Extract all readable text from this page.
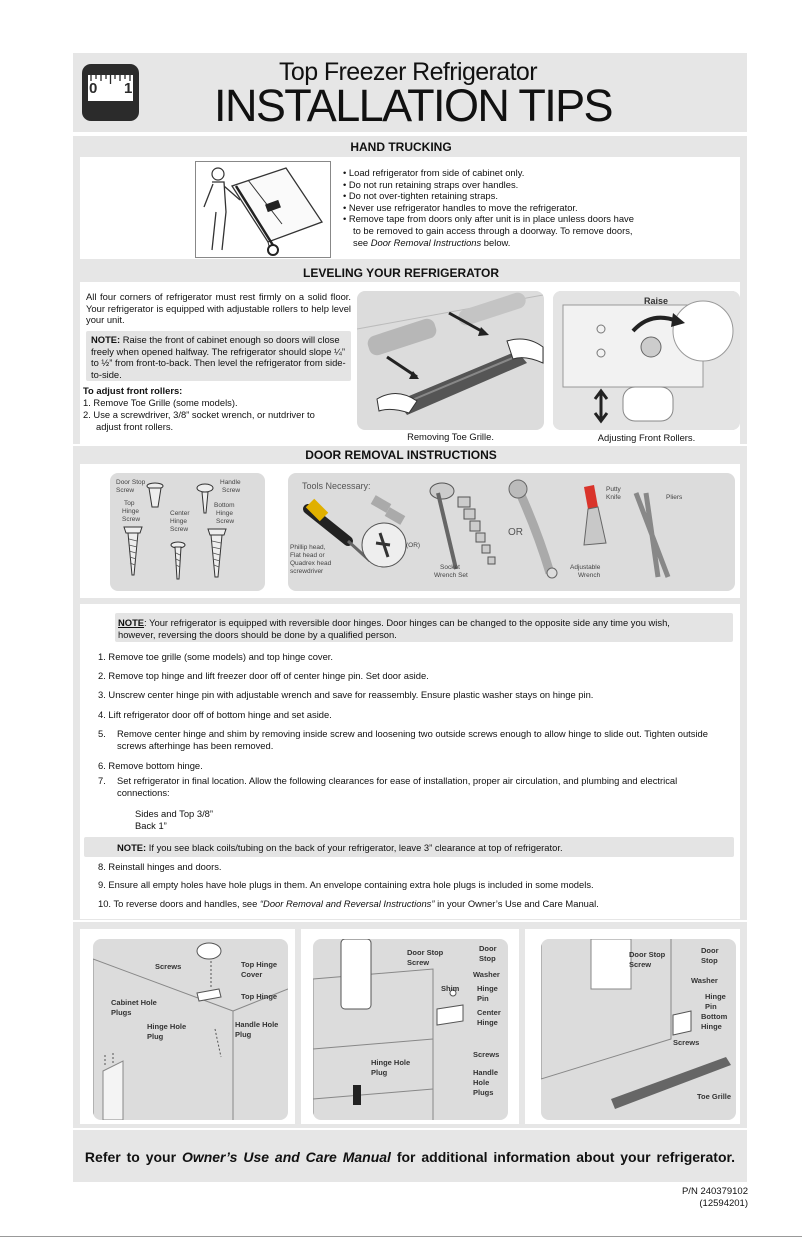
0 1
Top Freezer Refrigerator
INSTALLATION TIPS
HAND TRUCKING
• Load refrigerator from side of cabinet only.
• Do not run retaining straps over handles.
• Do not over-tighten retaining straps.
• Never use refrigerator handles to move the refrigerator.
• Remove tape from doors only after unit is in place unless doors have
to be removed to gain access through a doorway. To remove doors,
see Door Removal Instructions below.
LEVELING YOUR REFRIGERATOR
All four corners of refrigerator must rest firmly on a solid floor. Your refrigerator is equipped with adjustable rollers to help level your unit.
NOTE: Raise the front of cabinet enough so doors will close freely when opened halfway. The refrigerator should slope ¼” to ½” from front-to-back. Then level the refrigerator from side-to-side.
To adjust front rollers:
1. Remove Toe Grille (some models).
2. Use a screwdriver, 3/8” socket wrench, or nutdriver to
adjust front rollers.
Removing Toe Grille.
Raise
Adjusting Front Rollers.
DOOR REMOVAL INSTRUCTIONS
Door Stop
Screw
Handle
Screw
Top
Hinge
Screw
Center
Hinge
Screw
Bottom
Hinge
Screw
Tools Necessary:
Phillip head,
Flat head or
Quadrex head
screwdriver
(OR)
Socket
Wrench Set
OR
Adjustable
Wrench
Putty
Knife	Pliers
NOTE: Your refrigerator is equipped with reversible door hinges. Door hinges can be changed to the opposite side any time you wish,
however, reversing the doors should be done by a qualified person.

1. Remove toe grille (some models) and top hinge cover.

2. Remove top hinge and lift freezer door off of center hinge pin. Set door aside.

3. Unscrew center hinge pin with adjustable wrench and save for reassembly. Ensure plastic washer stays on hinge pin.

4. Lift refrigerator door off of bottom hinge and set aside.

5. Remove center hinge and shim by removing inside screw and loosening two outside screws enough to allow hinge to slide out. Tighten outside

screws afterhinge has been removed.

6. Remove bottom hinge.

7. Set refrigerator in final location. Allow the following clearances for ease of installation, proper air circulation, and plumbing and electrical

connections:

Sides and Top 3/8”

Back 1”

NOTE: If you see black coils/tubing on the back of your refrigerator, leave 3” clearance at top of refrigerator.

8. Reinstall hinges and doors.

9. Ensure all empty holes have hole plugs in them. An envelope containing extra hole plugs is included in some models.

10. To reverse doors and handles, see “Door Removal and Reversal Instructions” in your Owner’s Use and Care Manual.

Screws	Top Hinge
Cover
Top Hinge
Cabinet Hole
Plugs
Hinge Hole
Plug
Handle Hole
Plug
Door Stop
Screw
Door
Stop
Washer
Shim Hinge
Pin
Center
Hinge
Screws
Hinge Hole
Plug	Handle
Hole
Plugs
Door Stop
Screw
Door
Stop
Washer
Hinge
Pin
Bottom
Hinge
Screws
Toe Grille
Refer to your Owner’s Use and Care Manual for additional information about your refrigerator.
P/N 240379102
(12594201)
